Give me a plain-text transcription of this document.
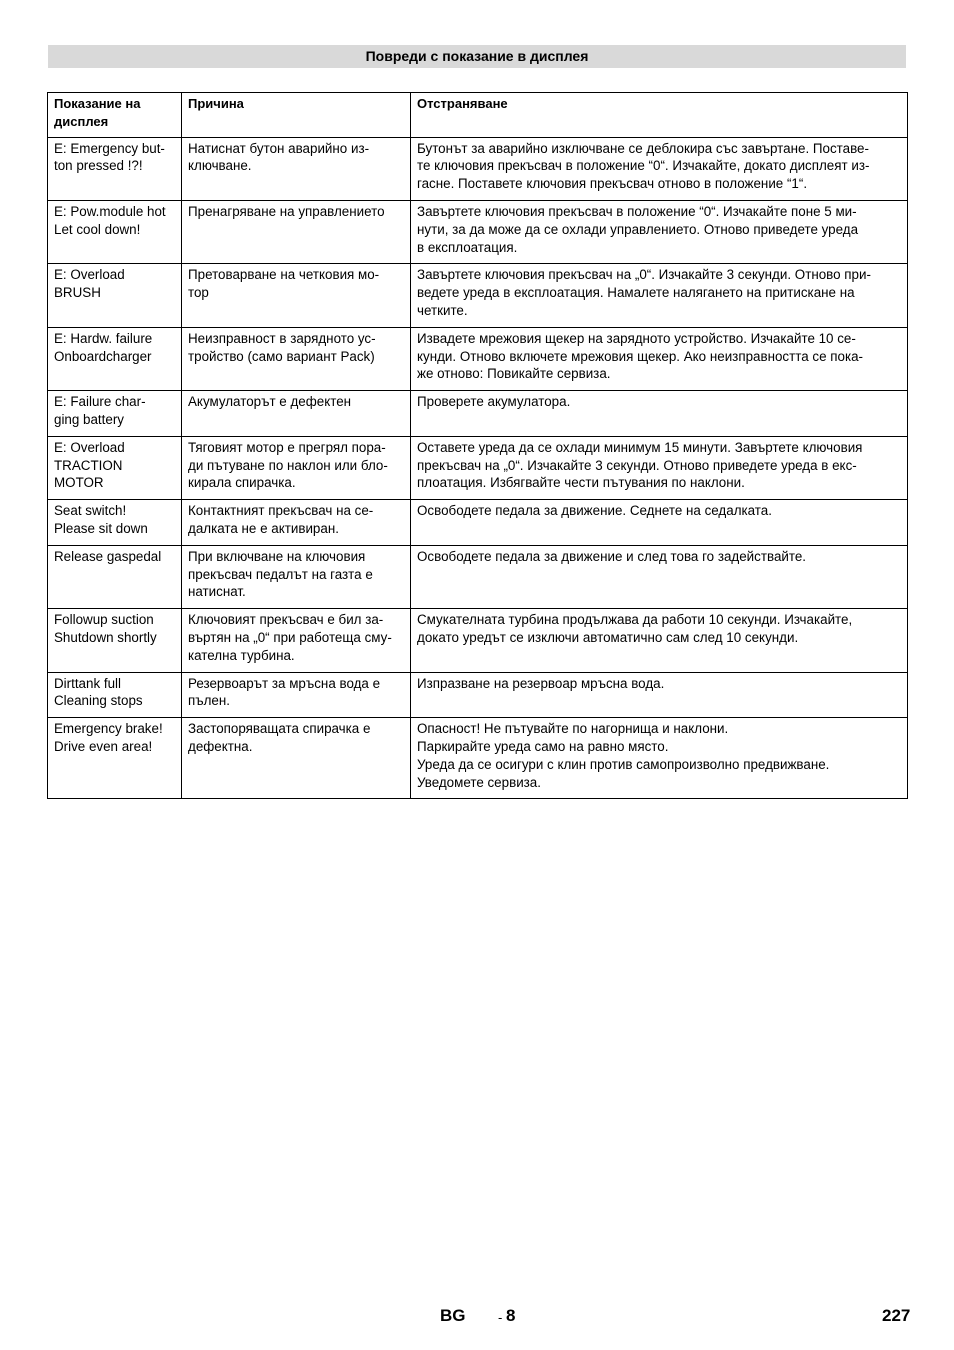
Повреди с показание в дисплея
Показание на
дисплея	Причина	Отстраняване

E: Emergency but-
ton pressed !?!	Натиснат бутон аварийно из-
ключване.	Бутонът за аварийно изключване се деблокира със завъртане. Поставе-
те ключовия прекъсвач в положение “0“. Изчакайте, докато дисплеят из-
гасне. Поставете ключовия прекъсвач отново в положение “1“.

E: Pow.module hot
Let cool down!	Пренагряване на управлението	Завъртете ключовия прекъсвач в положение “0“. Изчакайте поне 5 ми-
нути, за да може да се охлади управлението. Отново приведете уреда
в експлоатация.

E: Overload
BRUSH	Претоварване на четковия мо-
тор	Завъртете ключовия прекъсвач на „0“. Изчакайте 3 секунди. Отново при-
ведете уреда в експлоатация. Намалете налягането на притискане на
четките.

E: Hardw. failure
Onboardcharger	Неизправност в зарядното ус-
тройство (само вариант Pack)	Извадете мрежовия щекер на зарядното устройство. Изчакайте 10 се-
кунди. Отново включете мрежовия щекер. Ако неизправността се пока-
же отново: Повикайте сервиза.

E: Failure char-
ging battery	Акумулаторът е дефектен	Проверете акумулатора.

E: Overload
TRACTION
MOTOR	Тяговият мотор е прегрял пора-
ди пътуване по наклон или бло-
кирала спирачка.	Оставете уреда да се охлади минимум 15 минути. Завъртете ключовия
прекъсвач на „0“. Изчакайте 3 секунди. Отново приведете уреда в екс-
плоатация. Избягвайте чести пътувания по наклони.

Seat switch!
Please sit down	Контактният прекъсвач на се-
далката не е активиран.	Освободете педала за движение. Седнете на седалката.

Release gaspedal	При включване на ключовия
прекъсвач педалът на газта е
натиснат.	Освободете педала за движение и след това го задействайте.

Followup suction
Shutdown shortly	Ключовият прекъсвач е бил за-
въртян на „0“ при работеща сму-
кателна турбина.	Смукателната турбина продължава да работи 10 секунди. Изчакайте,
докато уредът се изключи автоматично сам след 10 секунди.

Dirttank full
Cleaning stops	Резервоарът за мръсна вода е
пълен.	Изпразване на резервоар мръсна вода.

Emergency brake!
Drive even area!	Застопоряващата спирачка е
дефектна.	Опасност! Не пътувайте по нагорнища и наклони.
Паркирайте уреда само на равно място.
Уреда да се осигури с клин против самопроизволно предвижване.
Уведомете сервиза.
BG	- 8	227
